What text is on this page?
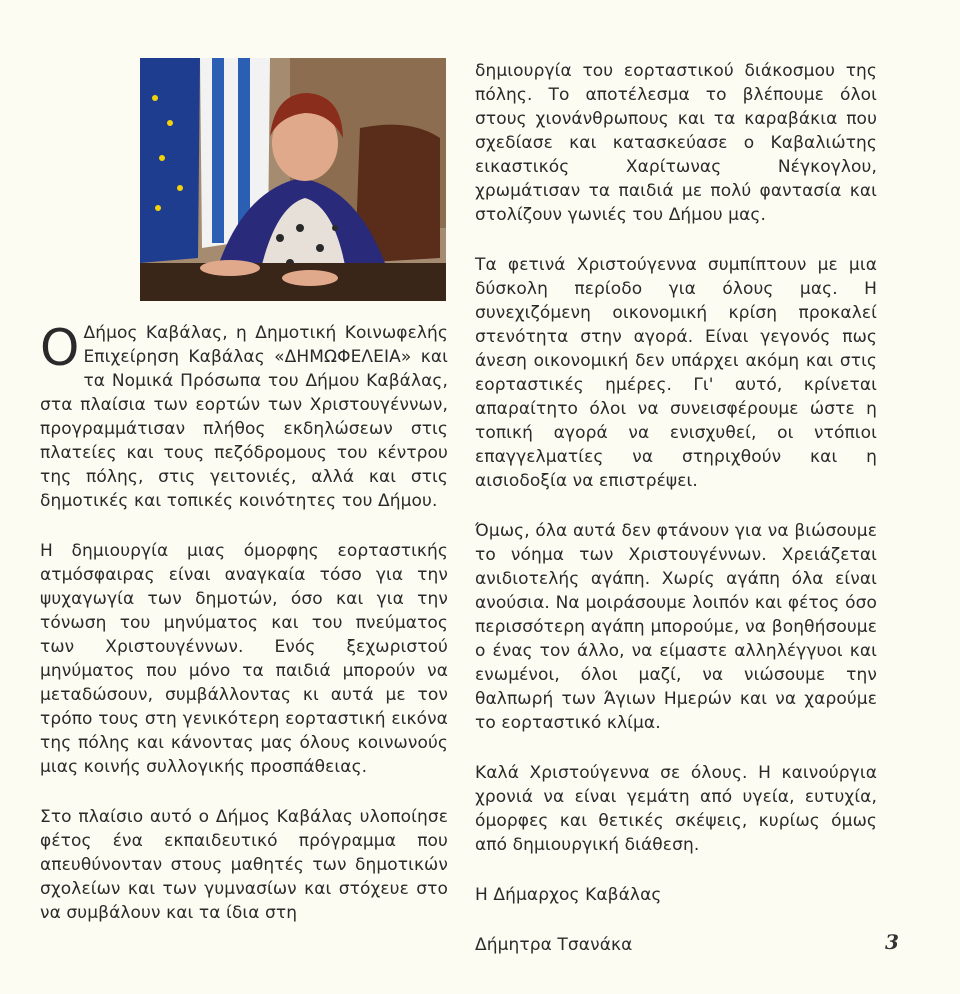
Ο Δήμος Καβάλας, η Δημοτική Κοινωφελής Επιχείρηση Καβάλας «ΔΗΜΩΦΕΛΕΙΑ» και τα Νομικά Πρόσωπα του Δήμου Καβάλας, στα πλαίσια των εορτών των Χριστουγέννων, προγραμμάτισαν πλήθος εκδηλώσεων στις πλατείες και τους πεζόδρομους του κέντρου της πόλης, στις γειτονιές, αλλά και στις δημοτικές και τοπικές κοινότητες του Δήμου.

Η δημιουργία μιας όμορφης εορταστικής ατμόσφαιρας είναι αναγκαία τόσο για την ψυχαγωγία των δημοτών, όσο και για την τόνωση του μηνύματος και του πνεύματος των Χριστουγέννων. Ενός ξεχωριστού μηνύματος που μόνο τα παιδιά μπορούν να μεταδώσουν, συμβάλλοντας κι αυτά με τον τρόπο τους στη γενικότερη εορταστική εικόνα της πόλης και κάνοντας μας όλους κοινωνούς μιας κοινής συλλογικής προσπάθειας.

Στο πλαίσιο αυτό ο Δήμος Καβάλας υλοποίησε φέτος ένα εκπαιδευτικό πρόγραμμα που απευθύνονταν στους μαθητές των δημοτικών σχολείων και των γυμνασίων και στόχευε στο να συμβάλουν και τα ίδια στη

δημιουργία του εορταστικού διάκοσμου της πόλης. Το αποτέλεσμα το βλέπουμε όλοι στους χιονάνθρωπους και τα καραβάκια που σχεδίασε και κατασκεύασε ο Καβαλιώτης εικαστικός Χαρίτωνας Νέγκογλου, χρωμάτισαν τα παιδιά με πολύ φαντασία και στολίζουν γωνιές του Δήμου μας.

Τα φετινά Χριστούγεννα συμπίπτουν με μια δύσκολη περίοδο για όλους μας. Η συνεχιζόμενη οικονομική κρίση προκαλεί στενότητα στην αγορά. Είναι γεγονός πως άνεση οικονομική δεν υπάρχει ακόμη και στις εορταστικές ημέρες. Γι' αυτό, κρίνεται απαραίτητο όλοι να συνεισφέρουμε ώστε η τοπική αγορά να ενισχυθεί, οι ντόπιοι επαγγελματίες να στηριχθούν και η αισιοδοξία να επιστρέψει.

Όμως, όλα αυτά δεν φτάνουν για να βιώσουμε το νόημα των Χριστουγέννων. Χρειάζεται ανιδιοτελής αγάπη. Χωρίς αγάπη όλα είναι ανούσια. Να μοιράσουμε λοιπόν και φέτος όσο περισσότερη αγάπη μπορούμε, να βοηθήσουμε ο ένας τον άλλο, να είμαστε αλληλέγγυοι και ενωμένοι, όλοι μαζί, να νιώσουμε την θαλπωρή των Άγιων Ημερών και να χαρούμε το εορταστικό κλίμα.

Καλά Χριστούγεννα σε όλους. Η καινούργια χρονιά να είναι γεμάτη από υγεία, ευτυχία, όμορφες και θετικές σκέψεις, κυρίως όμως από δημιουργική διάθεση.

Η Δήμαρχος Καβάλας

Δήμητρα Τσανάκα	3
